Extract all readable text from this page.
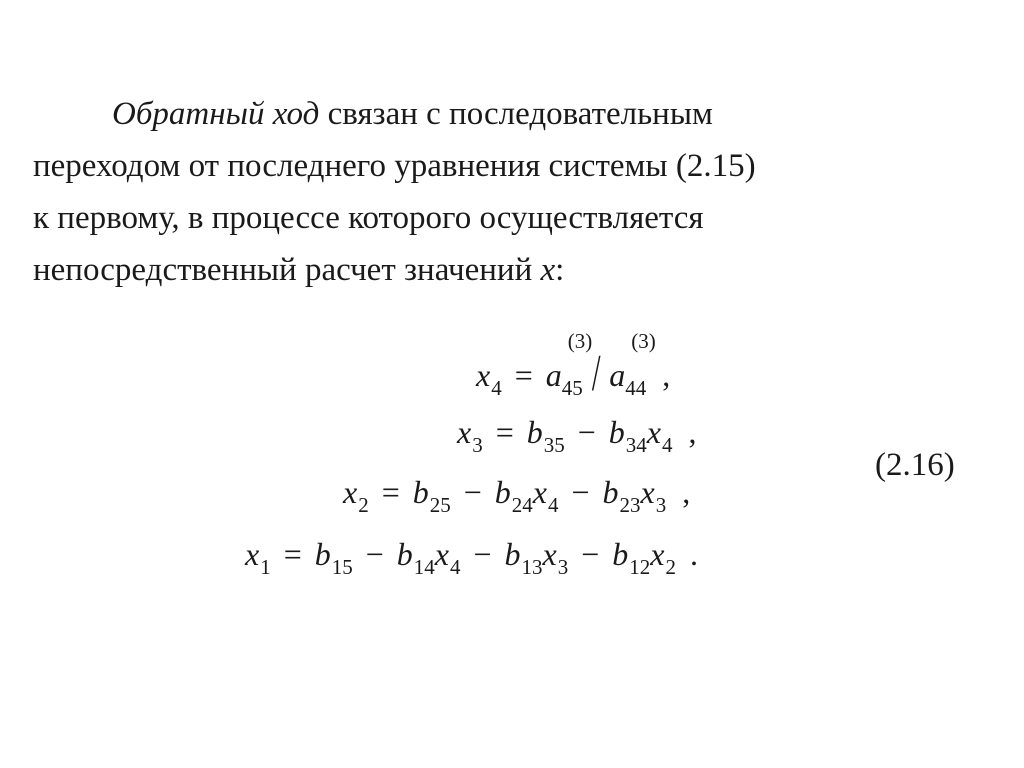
Обратный ход связан с последовательным
переходом от последнего уравнения системы (2.15)
к первому, в процессе которого осуществляется
непосредственный расчет значений x:
$x_4 = a_{45}$
(3)
/ $a_{44}$
(3)
,
$x_3 = b_{35} - b_{34}x_4$ ,
$x_2 = b_{25} - b_{24}x_4 - b_{23}x_3$ ,
$x_1 = b_{15} - b_{14}x_4 - b_{13}x_3 - b_{12}x_2$ .
(2.16)
